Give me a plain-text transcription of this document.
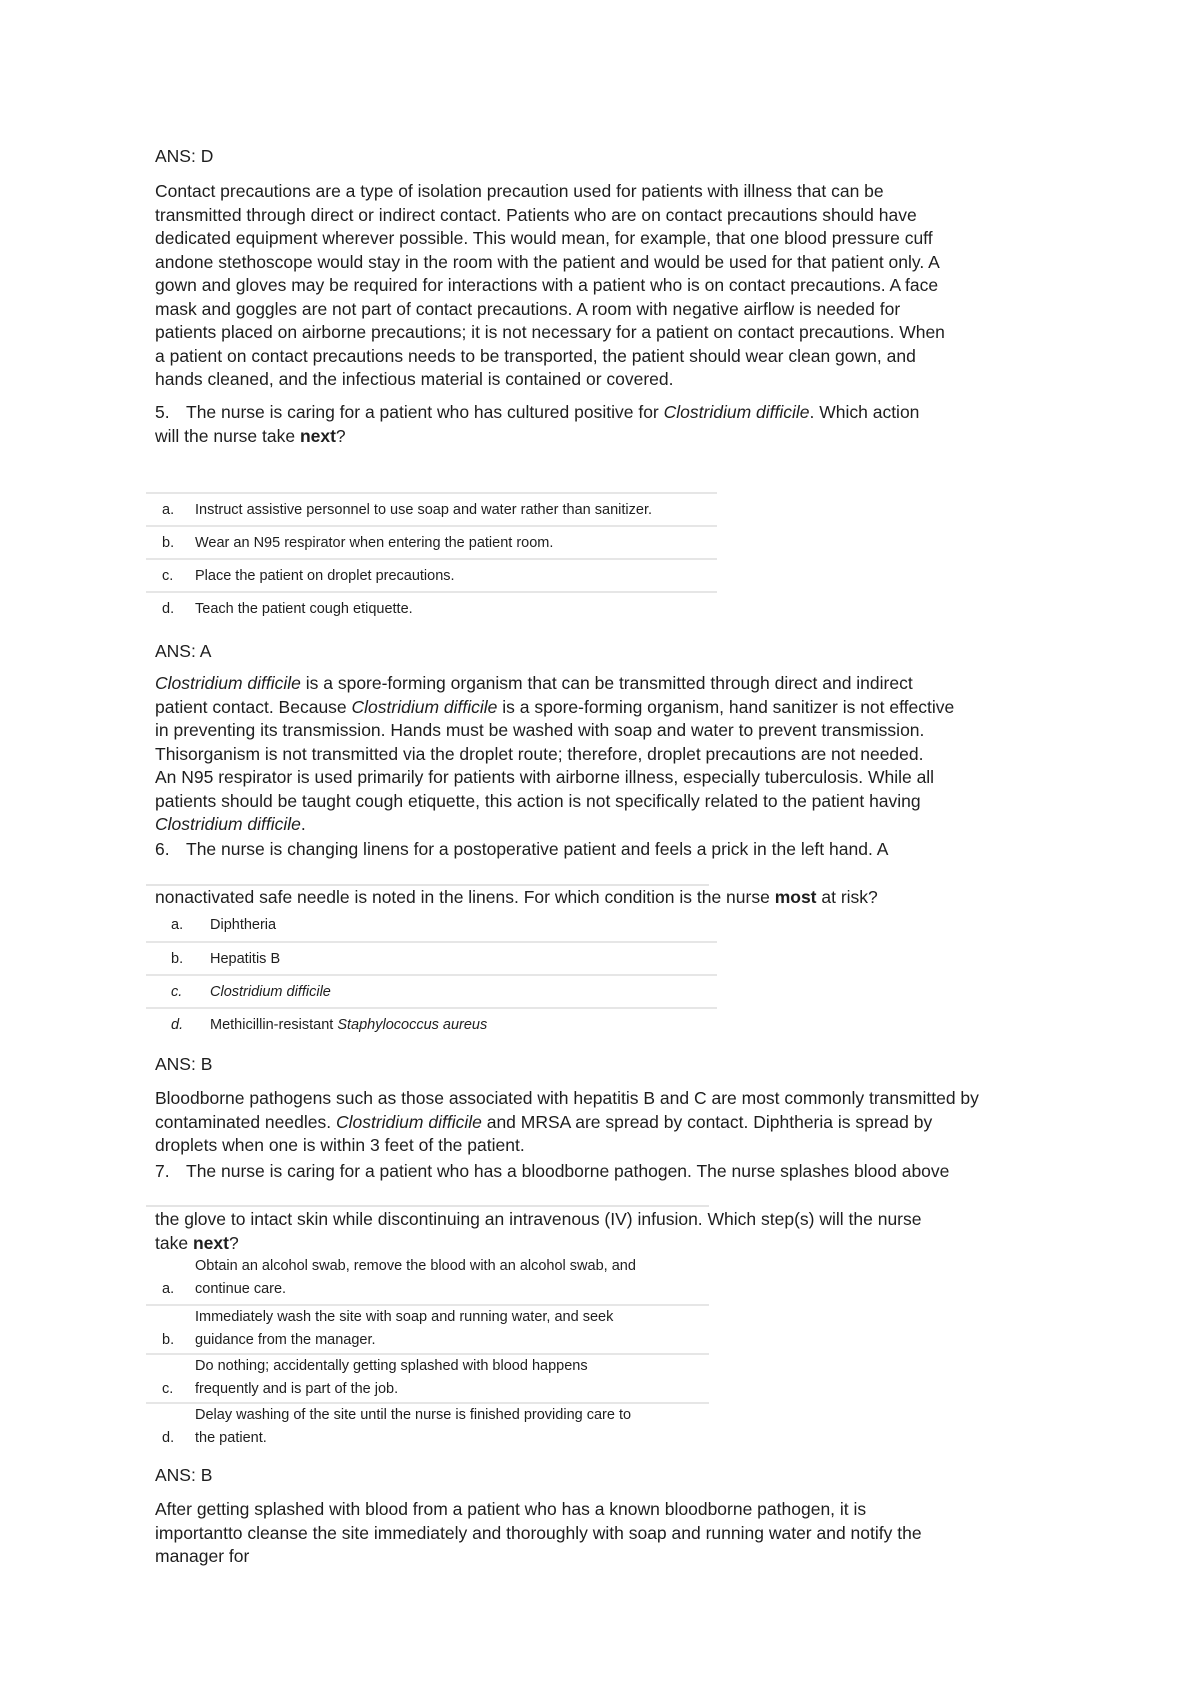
ANS: D
Contact precautions are a type of isolation precaution used for patients with illness that can be
transmitted through direct or indirect contact. Patients who are on contact precautions should have
dedicated equipment wherever possible. This would mean, for example, that one blood pressure cuff
andone stethoscope would stay in the room with the patient and would be used for that patient only. A
gown and gloves may be required for interactions with a patient who is on contact precautions. A face
mask and goggles are not part of contact precautions. A room with negative airflow is needed for
patients placed on airborne precautions; it is not necessary for a patient on contact precautions. When
a patient on contact precautions needs to be transported, the patient should wear clean gown, and
hands cleaned, and the infectious material is contained or covered.
5. The nurse is caring for a patient who has cultured positive for Clostridium difficile. Which action
will the nurse take next?
a.	Instruct assistive personnel to use soap and water rather than sanitizer.
b.	Wear an N95 respirator when entering the patient room.
c.	Place the patient on droplet precautions.
d.	Teach the patient cough etiquette.
ANS: A
Clostridium difficile is a spore-forming organism that can be transmitted through direct and indirect
patient contact. Because Clostridium difficile is a spore-forming organism, hand sanitizer is not effective
in preventing its transmission. Hands must be washed with soap and water to prevent transmission.
Thisorganism is not transmitted via the droplet route; therefore, droplet precautions are not needed.
An N95 respirator is used primarily for patients with airborne illness, especially tuberculosis. While all
patients should be taught cough etiquette, this action is not specifically related to the patient having
Clostridium difficile.
6. The nurse is changing linens for a postoperative patient and feels a prick in the left hand. A
nonactivated safe needle is noted in the linens. For which condition is the nurse most at risk?
a.	Diphtheria
b.	Hepatitis B
c.	Clostridium difficile
d.	Methicillin-resistant Staphylococcus aureus
ANS: B
Bloodborne pathogens such as those associated with hepatitis B and C are most commonly transmitted by
contaminated needles. Clostridium difficile and MRSA are spread by contact. Diphtheria is spread by
droplets when one is within 3 feet of the patient.
7. The nurse is caring for a patient who has a bloodborne pathogen. The nurse splashes blood above
the glove to intact skin while discontinuing an intravenous (IV) infusion. Which step(s) will the nurse
take next?
a.
Obtain an alcohol swab, remove the blood with an alcohol swab, and
continue care.
b.
Immediately wash the site with soap and running water, and seek
guidance from the manager.
c.
Do nothing; accidentally getting splashed with blood happens
frequently and is part of the job.
d.
Delay washing of the site until the nurse is finished providing care to
the patient.
ANS: B
After getting splashed with blood from a patient who has a known bloodborne pathogen, it is
importantto cleanse the site immediately and thoroughly with soap and running water and notify the
manager for
